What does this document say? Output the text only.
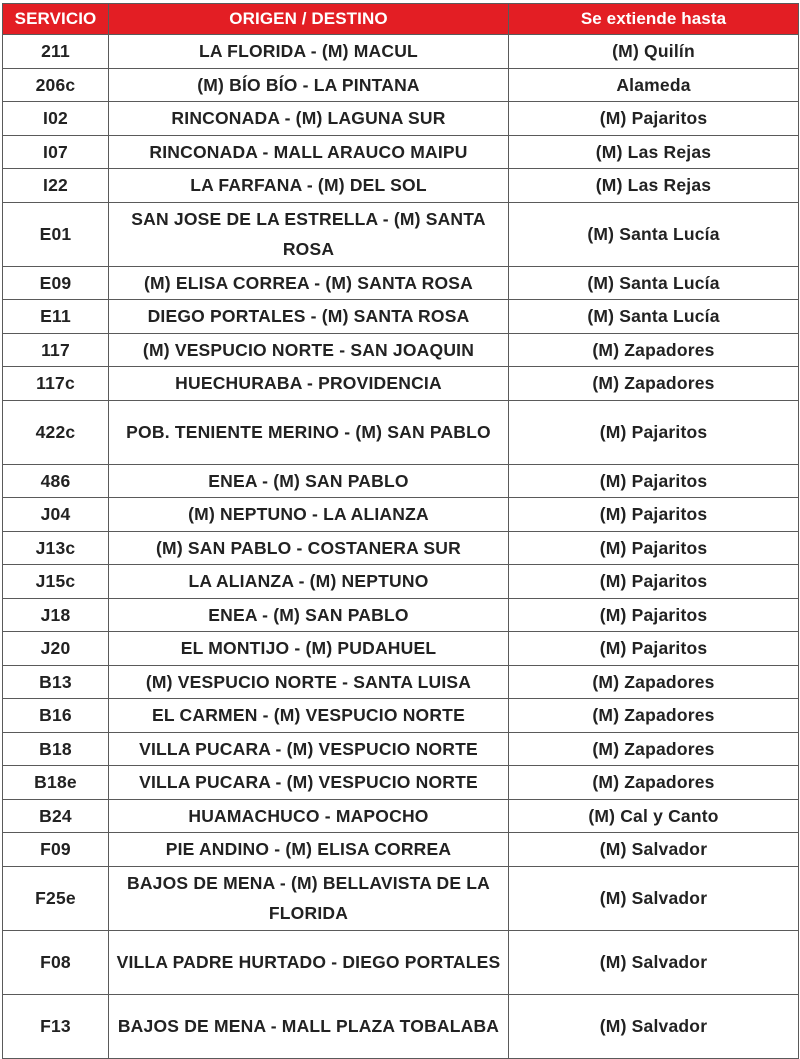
SERVICIO	ORIGEN / DESTINO	Se extiende hasta
211	LA FLORIDA - (M) MACUL	(M) Quilín
206c	(M) BÍO BÍO - LA PINTANA	Alameda
I02	RINCONADA - (M) LAGUNA SUR	(M) Pajaritos
I07	RINCONADA - MALL ARAUCO MAIPU	(M) Las Rejas
I22	LA FARFANA - (M) DEL SOL	(M) Las Rejas
E01	SAN JOSE DE LA ESTRELLA - (M) SANTA ROSA	(M) Santa Lucía
E09	(M) ELISA CORREA - (M) SANTA ROSA	(M) Santa Lucía
E11	DIEGO PORTALES - (M) SANTA ROSA	(M) Santa Lucía
117	(M) VESPUCIO NORTE - SAN JOAQUIN	(M) Zapadores
117c	HUECHURABA - PROVIDENCIA	(M) Zapadores
422c	POB. TENIENTE MERINO - (M) SAN PABLO	(M) Pajaritos
486	ENEA - (M) SAN PABLO	(M) Pajaritos
J04	(M) NEPTUNO - LA ALIANZA	(M) Pajaritos
J13c	(M) SAN PABLO - COSTANERA SUR	(M) Pajaritos
J15c	LA ALIANZA - (M) NEPTUNO	(M) Pajaritos
J18	ENEA - (M) SAN PABLO	(M) Pajaritos
J20	EL MONTIJO - (M) PUDAHUEL	(M) Pajaritos
B13	(M) VESPUCIO NORTE - SANTA LUISA	(M) Zapadores
B16	EL CARMEN - (M) VESPUCIO NORTE	(M) Zapadores
B18	VILLA PUCARA - (M) VESPUCIO NORTE	(M) Zapadores
B18e	VILLA PUCARA - (M) VESPUCIO NORTE	(M) Zapadores
B24	HUAMACHUCO - MAPOCHO	(M) Cal y Canto
F09	PIE ANDINO - (M) ELISA CORREA	(M) Salvador
F25e	BAJOS DE MENA - (M) BELLAVISTA DE LA FLORIDA	(M) Salvador
F08	VILLA PADRE HURTADO - DIEGO PORTALES	(M) Salvador
F13	BAJOS DE MENA - MALL PLAZA TOBALABA	(M) Salvador
